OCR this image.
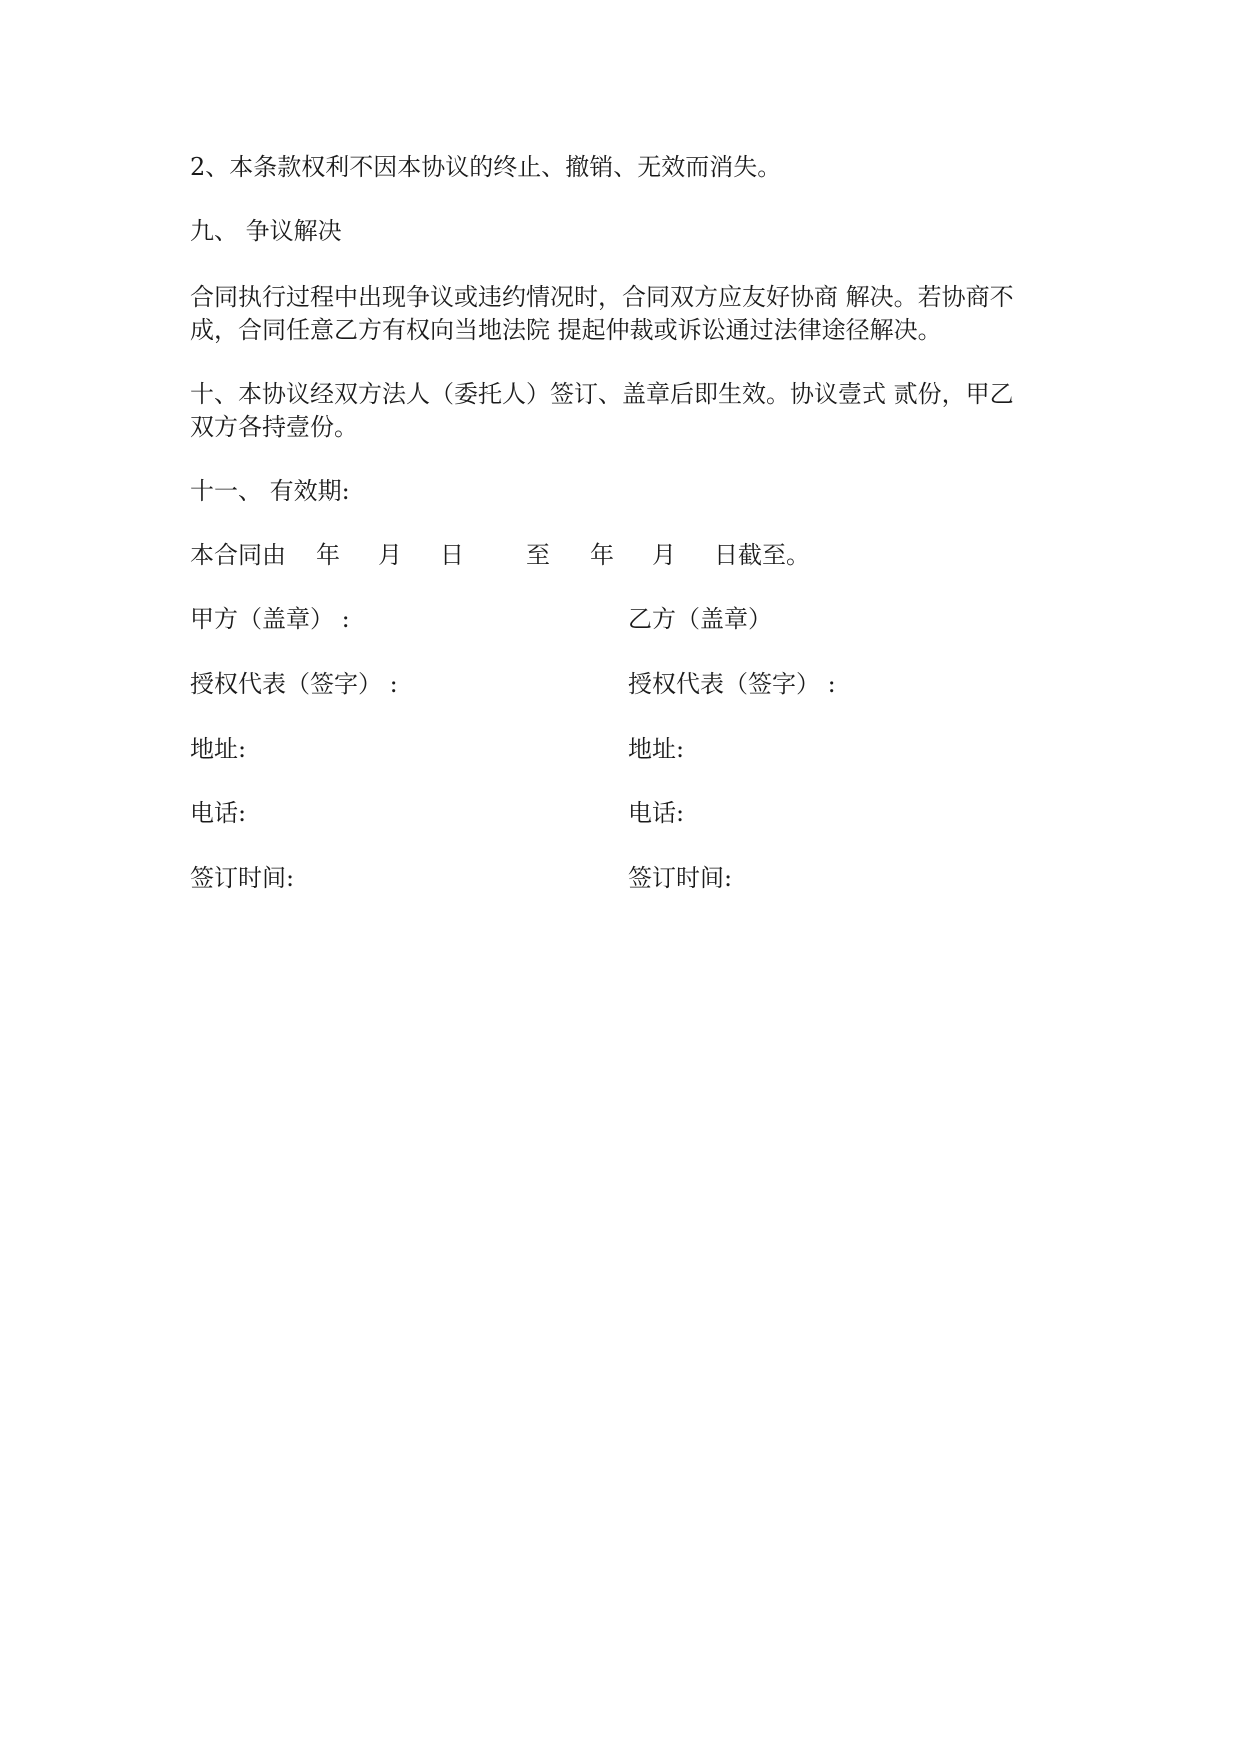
2、本条款权利不因本协议的终止、撤销、无效而消失。
九、 争议解决
合同执行过程中出现争议或违约情况时，合同双方应友好协商 解决。若协商不
成，合同任意乙方有权向当地法院 提起仲裁或诉讼通过法律途径解决。
十、本协议经双方法人（委托人）签订、盖章后即生效。协议壹式 贰份，甲乙
双方各持壹份。
十一、 有效期:
本合同由 年 月 日	至 年 月 日截至。
甲方（盖章） :
授权代表（签字） :
地址:
电话:
签订时间:
乙方（盖章）
授权代表（签字） :
地址:
电话:
签订时间:
